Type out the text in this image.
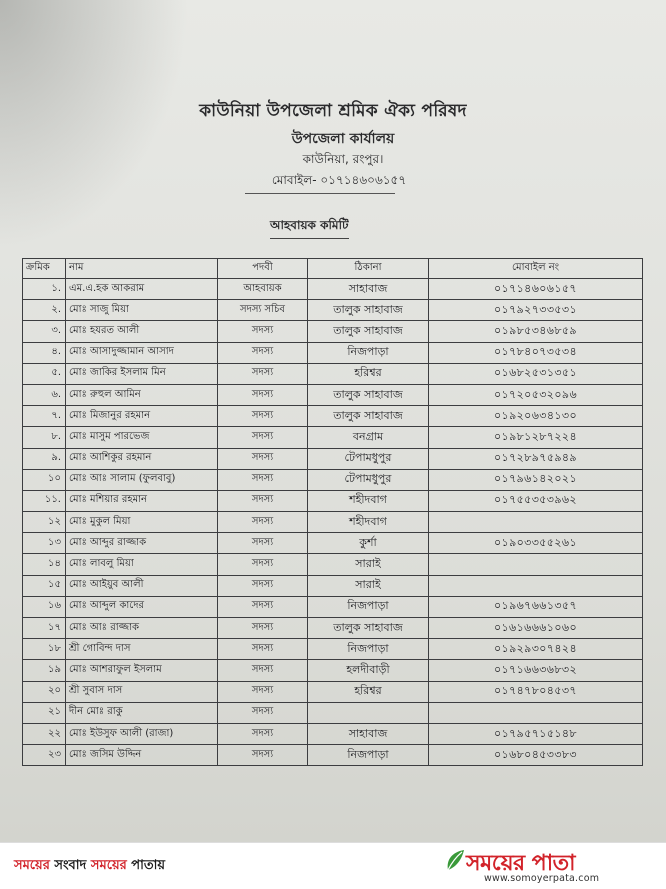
কাউনিয়া উপজেলা শ্রমিক ঐক্য পরিষদ
উপজেলা কার্যালয়
কাউনিয়া, রংপুর।
মোবাইল- ০১৭১৪৬০৬১৫৭
আহবায়ক কমিটি
ক্রমিক	নাম	পদবী	ঠিকানা	মোবাইল নং
১.	এম.এ.হক আকরাম	আহবায়ক	সাহাবাজ	০১৭১৪৬০৬১৫৭
২.	মোঃ সাজু মিয়া	সদস্য সচিব	তালুক সাহাবাজ	০১৭৯২৭৩৩৫৩১
৩.	মোঃ হযরত আলী	সদস্য	তালুক সাহাবাজ	০১৯৮৫৩৪৬৮৫৯
৪.	মোঃ আসাদুজ্জামান আসাদ	সদস্য	নিজপাড়া	০১৭৮৪০৭৩৫৩৪
৫.	মোঃ জাকির ইসলাম মিন	সদস্য	হরিশ্বর	০১৬৮২৫৩১৩৫১
৬.	মোঃ রুহুল আমিন	সদস্য	তালুক সাহাবাজ	০১৭২০৫৩২০৯৬
৭.	মোঃ মিজানুর রহমান	সদস্য	তালুক সাহাবাজ	০১৯২০৬৩৪১৩০
৮.	মোঃ মাসুম পারভেজ	সদস্য	বনগ্রাম	০১৯৮১২৮৭২২৪
৯.	মোঃ আশিকুর রহমান	সদস্য	টেপামধুপুর	০১৭২৮৯৭৫৯৪৯
১০	মোঃ আঃ সালাম (ফুলবাবু)	সদস্য	টেপামধুপুর	০১৭৯৬১৪২০২১
১১.	মোঃ মশিয়ার রহমান	সদস্য	শহীদবাগ	০১৭৫৫৩৫৩৯৬২
১২	মোঃ মুকুল মিয়া	সদস্য	শহীদবাগ	
১৩	মোঃ আব্দুর রাজ্জাক	সদস্য	কুর্শা	০১৯০৩৩৫৫২৬১
১৪	মোঃ লাবলু মিয়া	সদস্য	সারাই	
১৫	মোঃ আইয়ুব আলী	সদস্য	সারাই	
১৬	মোঃ আব্দুল কাদের	সদস্য	নিজপাড়া	০১৯৬৭৬৬১৩৫৭
১৭	মোঃ আঃ রাজ্জাক	সদস্য	তালুক সাহাবাজ	০১৬১৬৬৬১০৬০
১৮	শ্রী গোবিন্দ দাস	সদস্য	নিজপাড়া	০১৯২৯৩০৭৪২৪
১৯	মোঃ আশরাফুল ইসলাম	সদস্য	হলদীবাড়ী	০১৭১৬৬৩৬৮৩২
২০	শ্রী সুবাস দাস	সদস্য	হরিশ্বর	০১৭৪৭৮০৪৫৩৭
২১	দীন মোঃ রাকু	সদস্য		
২২	মোঃ ইউসুফ আলী (রাজা)	সদস্য	সাহাবাজ	০১৭৯৫৭১৫১৪৮
২৩	মোঃ জসিম উদ্দিন	সদস্য	নিজপাড়া	০১৬৮০৪৫৩৩৮৩
সময়ের সংবাদ সময়ের পাতায়	সময়ের পাতা
www.somoyerpata.com
